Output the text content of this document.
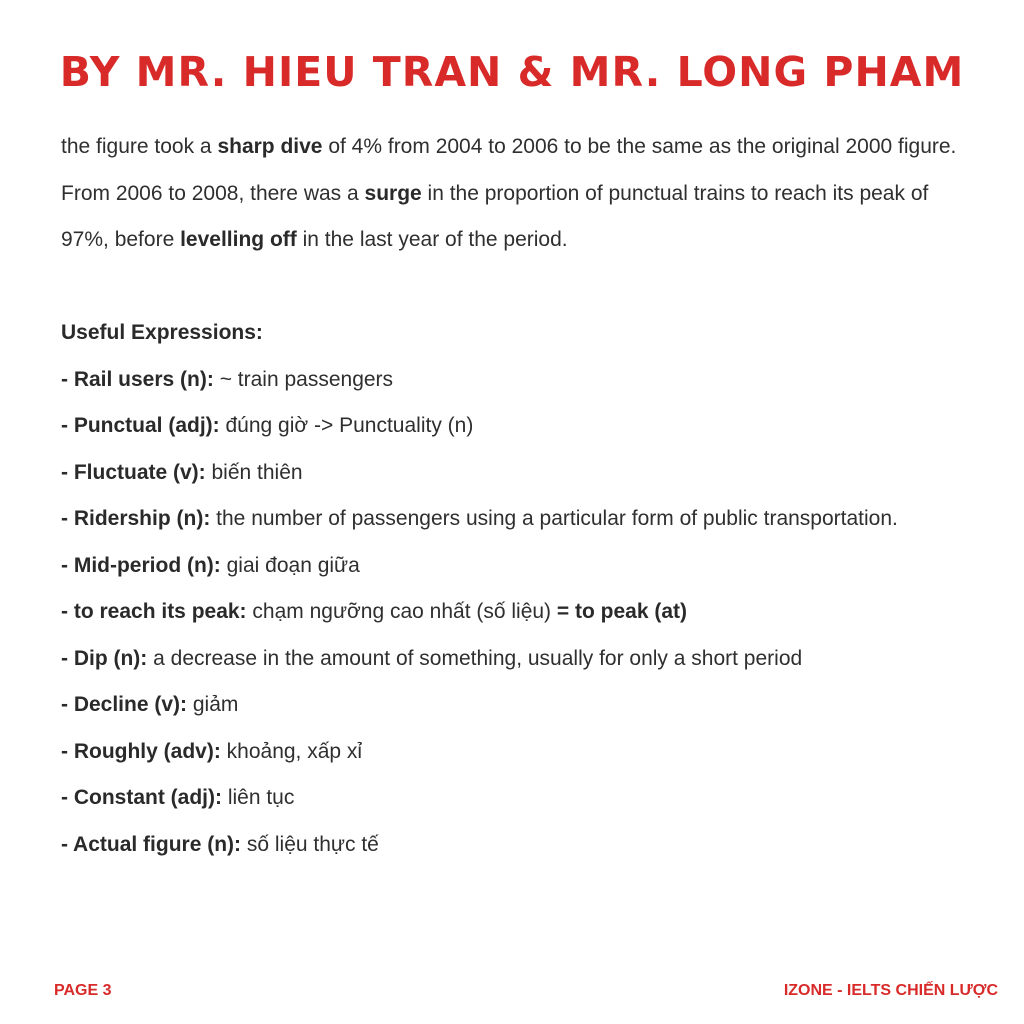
BY MR. HIEU TRAN & MR. LONG PHAM

the figure took a sharp dive of 4% from 2004 to 2006 to be the same as the original 2000 figure. From 2006 to 2008, there was a surge in the proportion of punctual trains to reach its peak of 97%, before levelling off in the last year of the period.

Useful Expressions:

- Rail users (n): ~ train passengers

- Punctual (adj): đúng giờ -> Punctuality (n)

- Fluctuate (v): biến thiên

- Ridership (n): the number of passengers using a particular form of public transportation.

- Mid-period (n): giai đoạn giữa

- to reach its peak: chạm ngưỡng cao nhất (số liệu) = to peak (at)

- Dip (n): a decrease in the amount of something, usually for only a short period

- Decline (v): giảm

- Roughly (adv): khoảng, xấp xỉ

- Constant (adj): liên tục

- Actual figure (n): số liệu thực tế

PAGE 3	IZONE - IELTS CHIẾN LƯỢC
